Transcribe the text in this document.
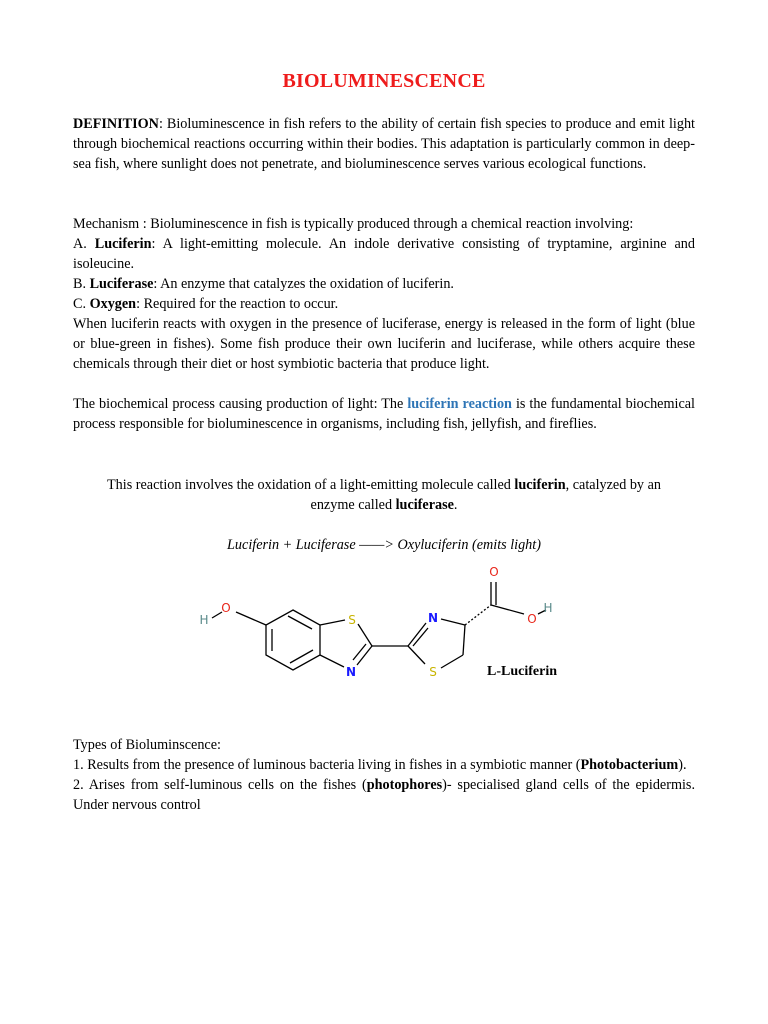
BIOLUMINESCENCE
DEFINITION: Bioluminescence in fish refers to the ability of certain fish species to produce and emit light through biochemical reactions occurring within their bodies. This adaptation is particularly common in deep-sea fish, where sunlight does not penetrate, and bioluminescence serves various ecological functions.
Mechanism : Bioluminescence in fish is typically produced through a chemical reaction involving:
A. Luciferin: A light-emitting molecule. An indole derivative consisting of tryptamine, arginine and isoleucine.
B. Luciferase: An enzyme that catalyzes the oxidation of luciferin.
C. Oxygen: Required for the reaction to occur.
When luciferin reacts with oxygen in the presence of luciferase, energy is released in the form of light (blue or blue-green in fishes). Some fish produce their own luciferin and luciferase, while others acquire these chemicals through their diet or host symbiotic bacteria that produce light.
The biochemical process causing production of light: The luciferin reaction is the fundamental biochemical process responsible for bioluminescence in organisms, including fish, jellyfish, and fireflies.
This reaction involves the oxidation of a light-emitting molecule called luciferin, catalyzed by an
enzyme called luciferase.
Luciferin + Luciferase ——> Oxyluciferin (emits light)
O
H	S
N
N
S
O
O
H
L-Luciferin
Types of Bioluminscence:
1. Results from the presence of luminous bacteria living in fishes in a symbiotic manner (Photobacterium).
2. Arises from self-luminous cells on the fishes (photophores)- specialised gland cells of the epidermis. Under nervous control
